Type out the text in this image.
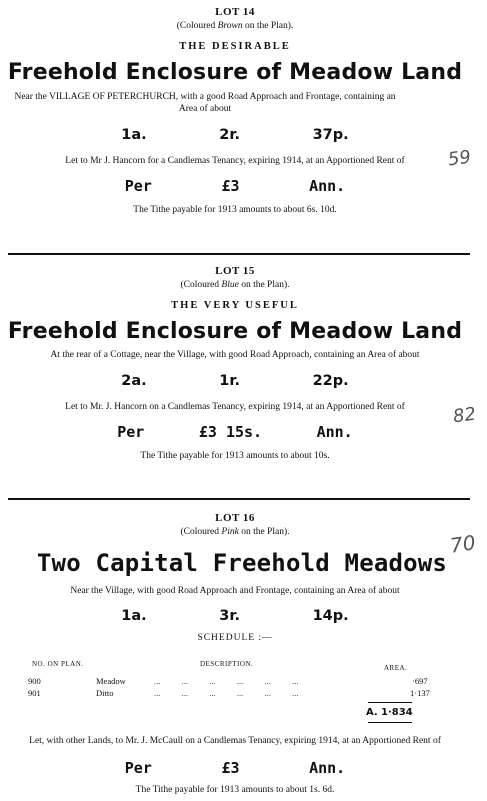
LOT 14
(Coloured Brown on the Plan).
THE DESIRABLE
Freehold Enclosure of Meadow Land
Near the VILLAGE OF PETERCHURCH, with a good Road Approach and Frontage, containing an Area of about
1a.	2r.	37p.
Let to Mr J. Hancorn for a Candlemas Tenancy, expiring 1914, at an Apportioned Rent of
Per	£3	Ann.
The Tithe payable for 1913 amounts to about 6s. 10d.
59
LOT 15
(Coloured Blue on the Plan).
THE VERY USEFUL
Freehold Enclosure of Meadow Land
At the rear of a Cottage, near the Village, with good Road Approach, containing an Area of about
2a.	1r.	22p.
Let to Mr. J. Hancorn on a Candlemas Tenancy, expiring 1914, at an Apportioned Rent of
Per	£3 15s.	Ann.
The Tithe payable for 1913 amounts to about 10s.
82
LOT 16
(Coloured Pink on the Plan).
Two Capital Freehold Meadows
Near the Village, with good Road Approach and Frontage, containing an Area of about
1a.	3r.	14p.
SCHEDULE :—
70
NO. ON PLAN.	DESCRIPTION.	AREA.
900	Meadow	...          ...          ...          ...          ...          ...	·697
901	Ditto	...          ...          ...          ...          ...          ...	1·137
A. 1·834
Let, with other Lands, to Mr. J. McCaull on a Candlemas Tenancy, expiring 1914, at an Apportioned Rent of
Per	£3	Ann.
The Tithe payable for 1913 amounts to about 1s. 6d.
